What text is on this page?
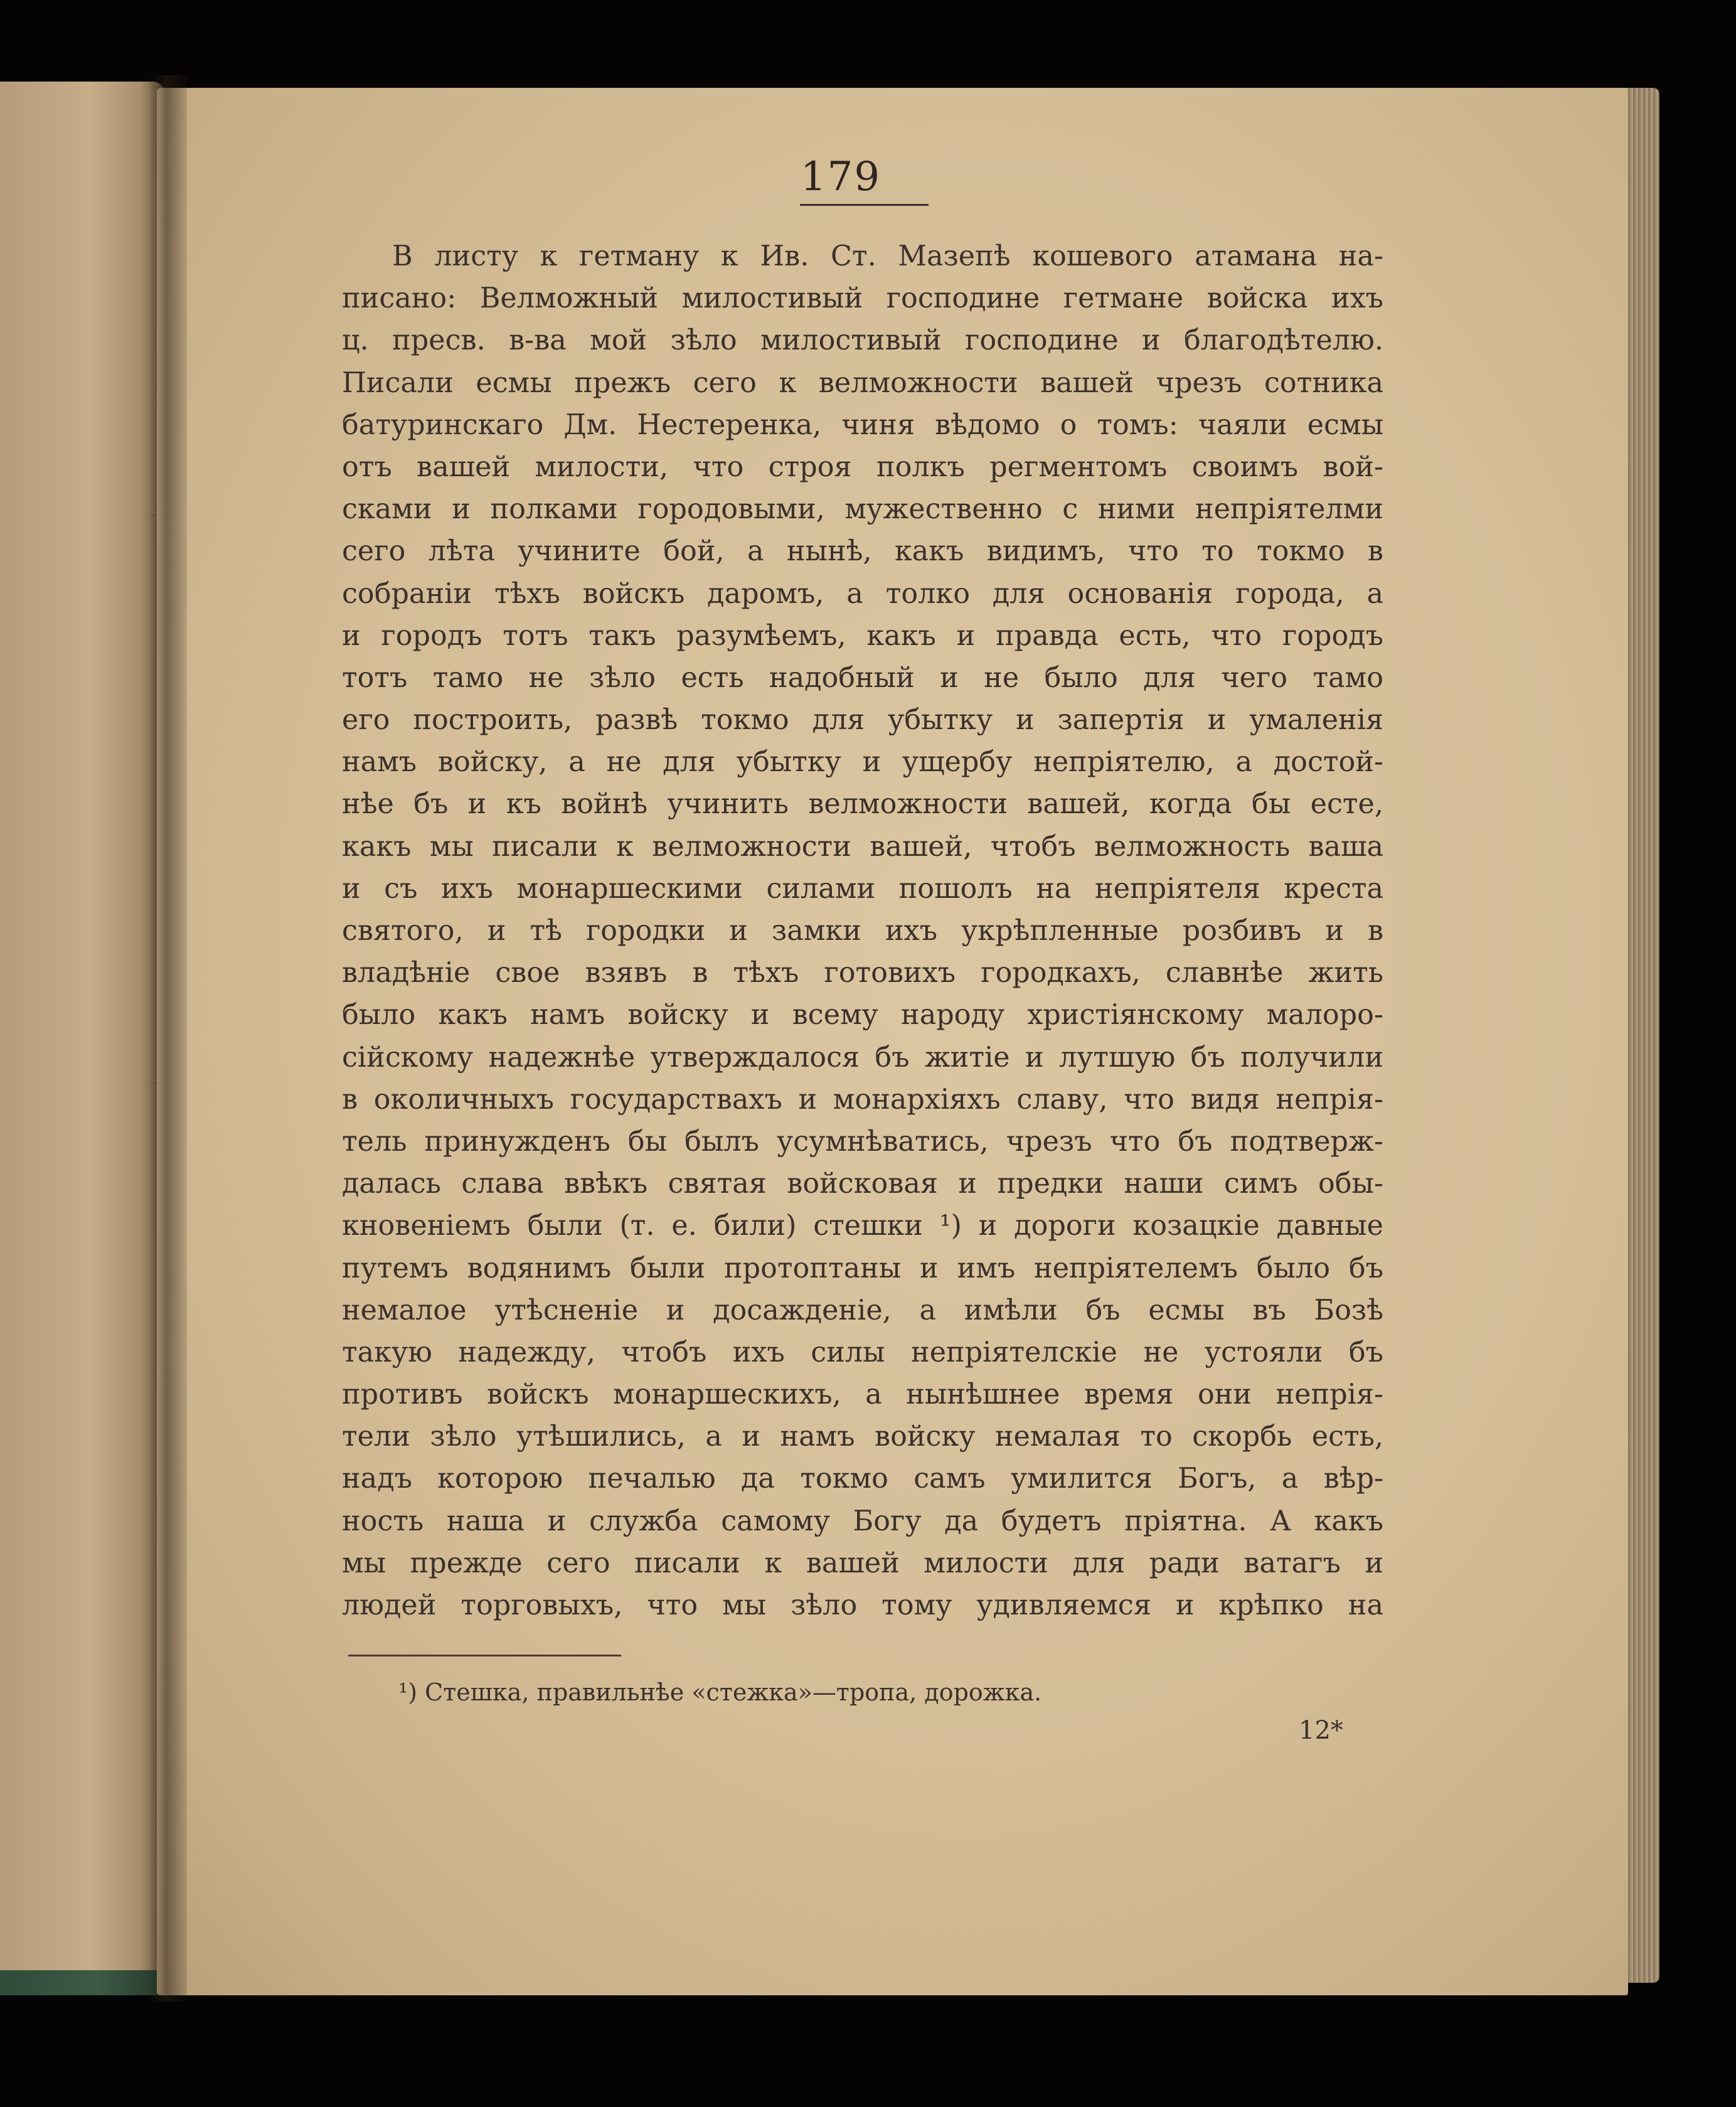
179
В листу к гетману к Ив. Ст. Мазепѣ кошевого атамана на-
писано: Велможный милостивый господине гетмане войска ихъ
ц. пресв. в-ва мой зѣло милостивый господине и благодѣтелю.
Писали есмы прежъ сего к велможности вашей чрезъ сотника
батуринскаго Дм. Нестеренка, чиня вѣдомо о томъ: чаяли есмы
отъ вашей милости, что строя полкъ регментомъ своимъ вой-
сками и полками городовыми, мужественно с ними непріятелми
сего лѣта учините бой, а нынѣ, какъ видимъ, что то токмо в
собраніи тѣхъ войскъ даромъ, а толко для основанія города, а
и городъ тотъ такъ разумѣемъ, какъ и правда есть, что городъ
тотъ тамо не зѣло есть надобный и не было для чего тамо
его построить, развѣ токмо для убытку и запертія и умаленія
намъ войску, а не для убытку и ущербу непріятелю, а достой-
нѣе бъ и къ войнѣ учинить велможности вашей, когда бы есте,
какъ мы писали к велможности вашей, чтобъ велможность ваша
и съ ихъ монаршескими силами пошолъ на непріятеля креста
святого, и тѣ городки и замки ихъ укрѣпленные розбивъ и в
владѣніе свое взявъ в тѣхъ готовихъ городкахъ, славнѣе жить
было какъ намъ войску и всему народу христіянскому малоро-
сійскому надежнѣе утверждалося бъ житіе и лутшую бъ получили
в околичныхъ государствахъ и монархіяхъ славу, что видя непрія-
тель принужденъ бы былъ усумнѣватись, чрезъ что бъ подтверж-
далась слава ввѣкъ святая войсковая и предки наши симъ обы-
кновеніемъ были (т. е. били) стешки ¹) и дороги козацкіе давные
путемъ водянимъ были протоптаны и имъ непріятелемъ было бъ
немалое утѣсненіе и досажденіе, а имѣли бъ есмы въ Бозѣ
такую надежду, чтобъ ихъ силы непріятелскіе не устояли бъ
противъ войскъ монаршескихъ, а нынѣшнее время они непрія-
тели зѣло утѣшились, а и намъ войску немалая то скорбь есть,
надъ которою печалью да токмо самъ умилится Богъ, а вѣр-
ность наша и служба самому Богу да будетъ пріятна. А какъ
мы прежде сего писали к вашей милости для ради ватагъ и
людей торговыхъ, что мы зѣло тому удивляемся и крѣпко на
¹) Стешка, правильнѣе «стежка»—тропа, дорожка.
12*
